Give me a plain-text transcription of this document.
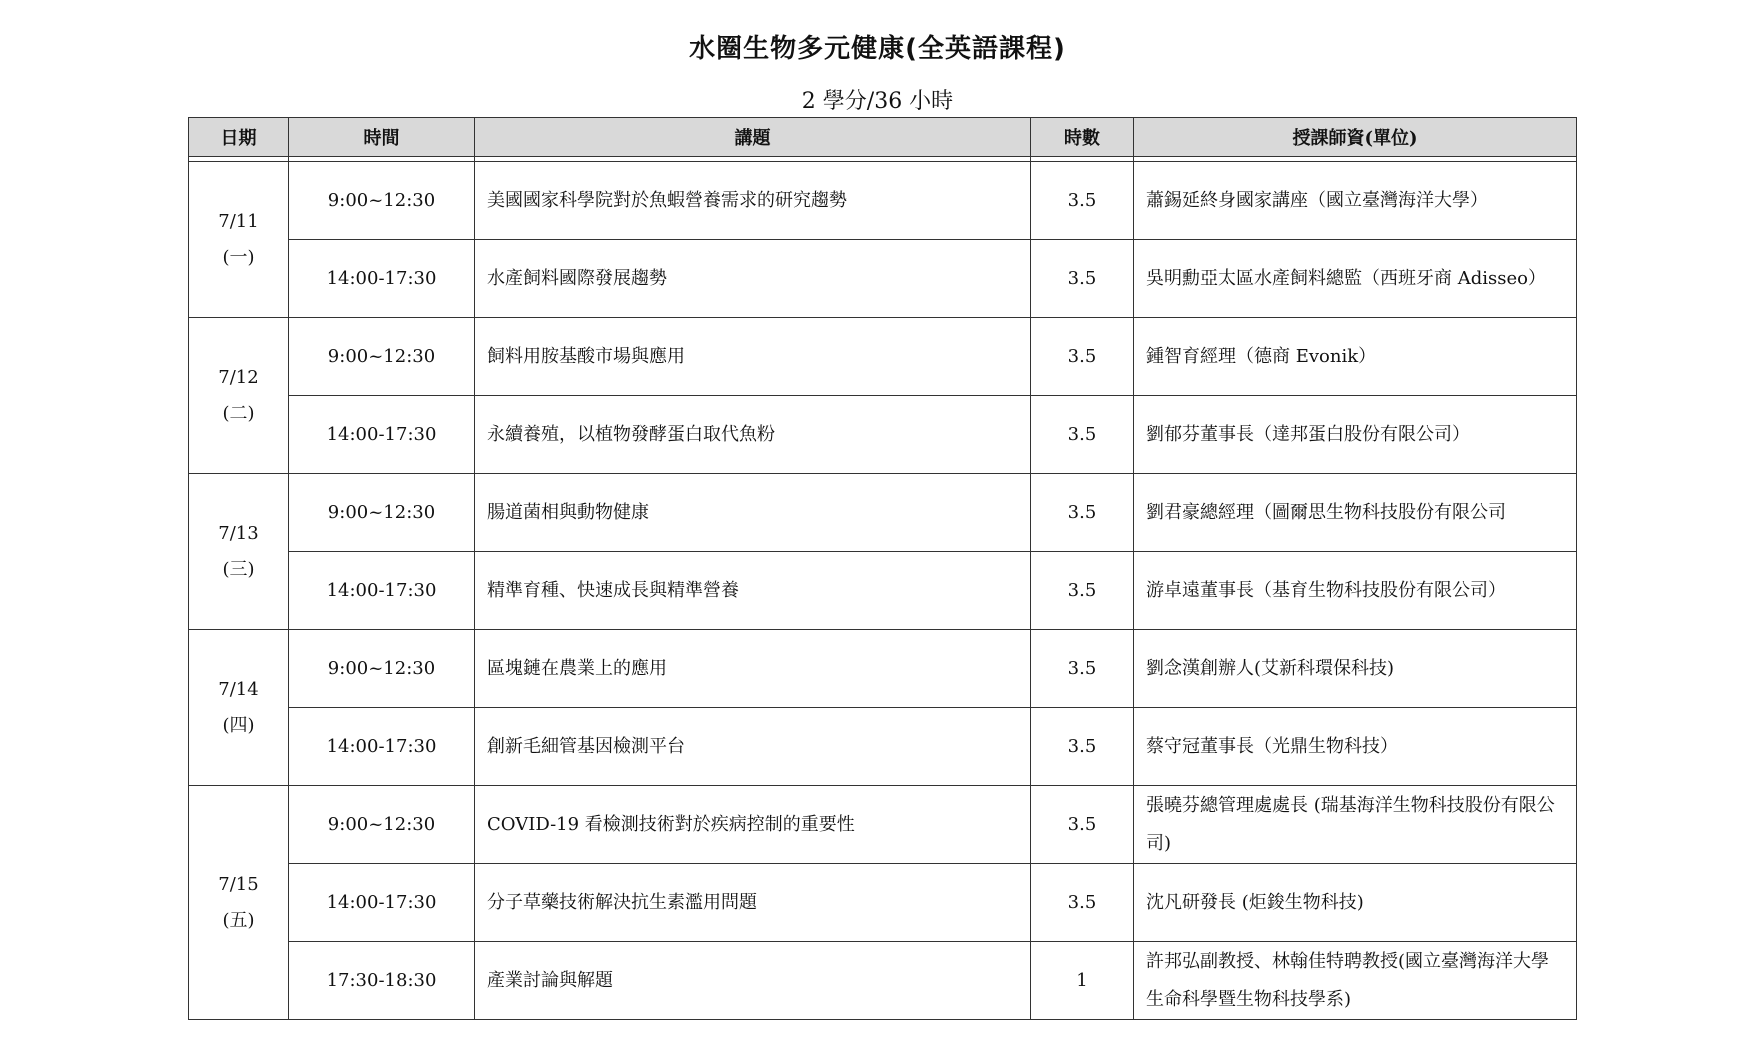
水圈生物多元健康(全英語課程)
2 學分/36 小時
日期	時間	講題	時數	授課師資(單位)

7/11
(一)	9:00~12:30	美國國家科學院對於魚蝦營養需求的研究趨勢	3.5	蕭錫延終身國家講座（國立臺灣海洋大學）
	14:00-17:30	水產飼料國際發展趨勢	3.5	吳明勳亞太區水產飼料總監（西班牙商 Adisseo）

7/12
(二)	9:00~12:30	飼料用胺基酸市場與應用	3.5	鍾智育經理（德商 Evonik）
	14:00-17:30	永續養殖，以植物發酵蛋白取代魚粉	3.5	劉郁芬董事長（達邦蛋白股份有限公司）

7/13
(三)	9:00~12:30	腸道菌相與動物健康	3.5	劉君豪總經理（圖爾思生物科技股份有限公司
	14:00-17:30	精準育種、快速成長與精準營養	3.5	游卓遠董事長（基育生物科技股份有限公司）

7/14
(四)	9:00~12:30	區塊鏈在農業上的應用	3.5	劉念漢創辦人(艾新科環保科技)
	14:00-17:30	創新毛細管基因檢測平台	3.5	蔡守冠董事長（光鼎生物科技）

7/15
(五)	9:00~12:30	COVID-19 看檢測技術對於疾病控制的重要性	3.5	張曉芬總管理處處長 (瑞基海洋生物科技股份有限公司)
	14:00-17:30	分子草藥技術解決抗生素濫用問題	3.5	沈凡研發長 (炬鋑生物科技)
	17:30-18:30	產業討論與解題	1	許邦弘副教授、林翰佳特聘教授(國立臺灣海洋大學生命科學暨生物科技學系)
